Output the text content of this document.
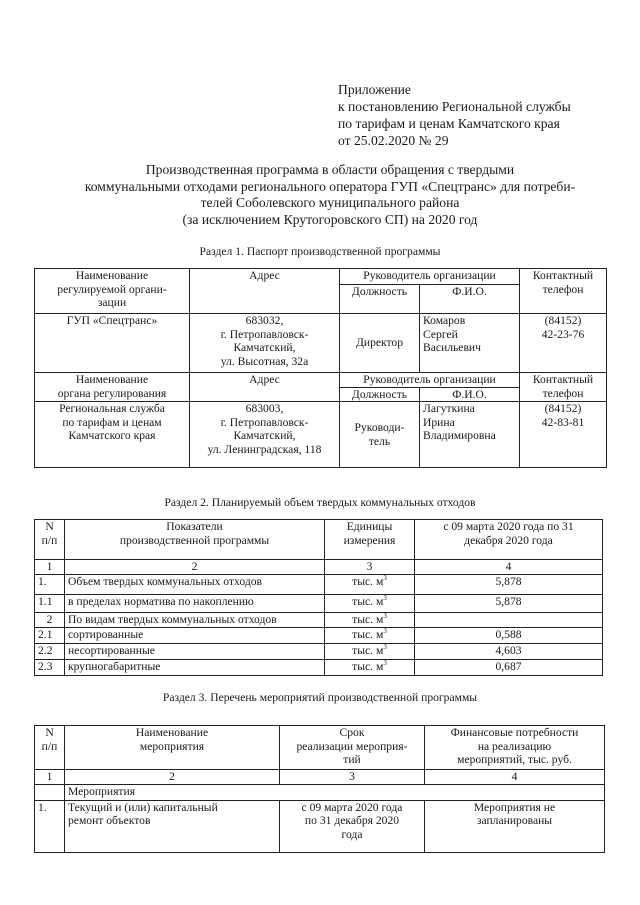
Приложение
к постановлению Региональной службы
по тарифам и ценам Камчатского края
от 25.02.2020 № 29
Производственная программа в области обращения с твердыми
коммунальными отходами регионального оператора ГУП «Спецтранс» для потреби-
телей Соболевского муниципального района
(за исключением Крутогоровского СП) на 2020 год
Раздел 1. Паспорт производственной программы
Наименование
регулируемой органи-
зации	Адрес	Руководитель организации		Контактный
телефон
		Должность	Ф.И.О.	
ГУП «Спецтранс»	683032,
г. Петропавловск-
Камчатский,
ул. Высотная, 32а	Директор	Комаров
Сергей
Васильевич	(84152)
42-23-76
Наименование
органа регулирования	Адрес	Руководитель организации		Контактный
телефон
		Должность	Ф.И.О.	
Региональная служба
по тарифам и ценам
Камчатского края	683003,
г. Петропавловск-
Камчатский,
ул. Ленинградская, 118	Руководи-
тель	Лагуткина
Ирина
Владимировна	(84152)
42-83-81
Раздел 2. Планируемый объем твердых коммунальных отходов
N
п/п	Показатели
производственной программы	Единицы
измерения	с 09 марта 2020 года по 31
декабря 2020 года
1	2	3	4
1.	Объем твердых коммунальных отходов	тыс. $м^3$	5,878
1.1	в пределах норматива по накоплению	тыс. $м^3$	5,878
2	По видам твердых коммунальных отходов	тыс. $м^3$	
2.1	сортированные	тыс. $м^3$	0,588
2.2	несортированные	тыс. $м^3$	4,603
2.3	крупногабаритные	тыс. $м^3$	0,687
Раздел 3. Перечень мероприятий производственной программы
N
п/п	Наименование
мероприятия	Срок
реализации мероприя-
тий	Финансовые потребности
на реализацию
мероприятий, тыс. руб.
1	2	3	4
	Мероприятия		
1.	Текущий и (или) капитальный
ремонт объектов	с 09 марта 2020 года
по 31 декабря 2020
года	Мероприятия не
запланированы
